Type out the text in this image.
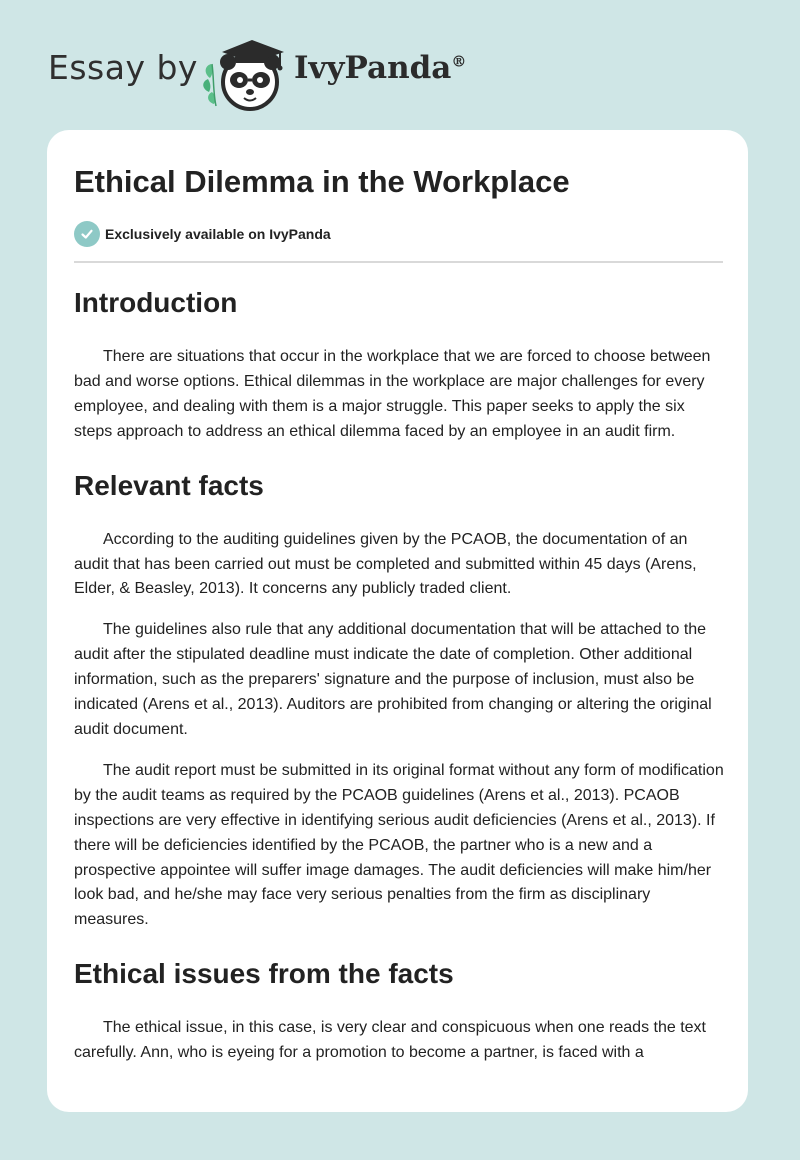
Essay by	IvyPanda®
Ethical Dilemma in the Workplace
Exclusively available on IvyPanda
Introduction

There are situations that occur in the workplace that we are forced to choose between bad and worse options. Ethical dilemmas in the workplace are major challenges for every employee, and dealing with them is a major struggle. This paper seeks to apply the six steps approach to address an ethical dilemma faced by an employee in an audit firm.

Relevant facts

According to the auditing guidelines given by the PCAOB, the documentation of an audit that has been carried out must be completed and submitted within 45 days (Arens, Elder, & Beasley, 2013). It concerns any publicly traded client.

The guidelines also rule that any additional documentation that will be attached to the audit after the stipulated deadline must indicate the date of completion. Other additional information, such as the preparers' signature and the purpose of inclusion, must also be indicated (Arens et al., 2013). Auditors are prohibited from changing or altering the original audit document.

The audit report must be submitted in its original format without any form of modification by the audit teams as required by the PCAOB guidelines (Arens et al., 2013). PCAOB inspections are very effective in identifying serious audit deficiencies (Arens et al., 2013). If there will be deficiencies identified by the PCAOB, the partner who is a new and a prospective appointee will suffer image damages. The audit deficiencies will make him/her look bad, and he/she may face very serious penalties from the firm as disciplinary measures.

Ethical issues from the facts

The ethical issue, in this case, is very clear and conspicuous when one reads the text carefully. Ann, who is eyeing for a promotion to become a partner, is faced with a
